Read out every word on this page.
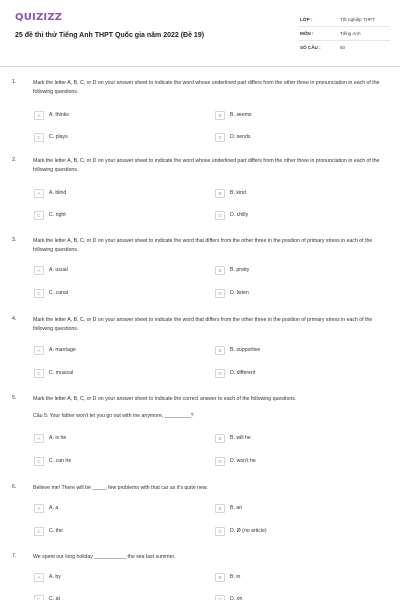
QUIZIZZ
25 đề thi thử Tiếng Anh THPT Quốc gia năm 2022 (Đề 19)
LỚP :	Tốt nghiệp THPT
MÔN :	Tiếng Anh
SỐ CÂU :	50
1.	Mark the letter A, B, C, or D on your answer sheet to indicate the word whose underlined part differs from the other three in pronunciation in each of the following questions.
A	A. thinks	B	B. seems
C	C. plays	D	D. sends
2.	Mark the letter A, B, C, or D on your answer sheet to indicate the word whose underlined part differs from the other three in pronunciation in each of the following questions.
A	A. blind	B	B. kind
C	C. right	D	D. chilly
3.	Mark the letter A, B, C, or D on your answer sheet to indicate the word that differs from the other three in the position of primary stress in each of the following questions.
A	A. usual	B	B. pretty
C	C. canal	D	D. listen
4.	Mark the letter A, B, C, or D on your answer sheet to indicate the word that differs from the other three in the position of primary stress in each of the following questions.
A	A. marriage	B	B. supportive
C	C. musical	D	D. different
5.	Mark the letter A, B, C, or D on your answer sheet to indicate the correct answer to each of the following questions.
Câu 5: Your father won't let you go out with me anymore, _________?
A	A. is he	B	B. will he
C	C. can he	D	D. won't he
6.	Believe me! There will be _____ few problems with that car as it's quite new.
A	A. a	B	B. an
C	C. the	D	D. Ø (no article)
7.	We spent our long holiday ___________ the sea last summer.
A	A. by	B	B. in
C	C. at	D	D. on
